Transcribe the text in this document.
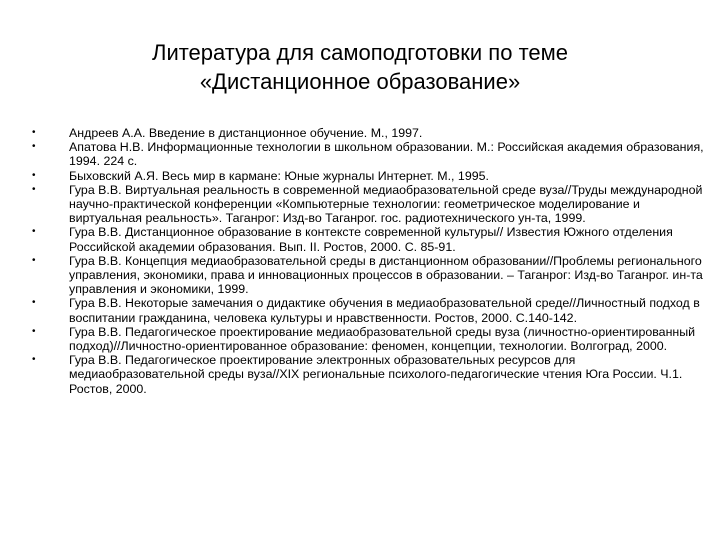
Литература для самоподготовки по теме
«Дистанционное образование»
•	Андреев А.А. Введение в дистанционное обучение. М., 1997.
•	Апатова Н.В. Информационные технологии в школьном образовании. М.: Российская академия образования, 1994. 224 с.
•	Быховский А.Я. Весь мир в кармане: Юные журналы Интернет. М., 1995.
•	Гура В.В. Виртуальная реальность в современной медиаобразовательной среде вуза//Труды международной научно-практической конференции «Компьютерные технологии: геометрическое моделирование и виртуальная реальность». Таганрог: Изд-во Таганрог. гос. радиотехнического ун-та, 1999.
•	Гура В.В. Дистанционное образование в контексте современной культуры// Известия Южного отделения Российской академии образования. Вып. II. Ростов, 2000. С. 85-91.
•	Гура В.В. Концепция медиаобразовательной среды в дистанционном образовании//Проблемы регионального управления, экономики, права и инновационных процессов в образовании. – Таганрог: Изд-во Таганрог. ин-та управления и экономики, 1999.
•	Гура В.В. Некоторые замечания о дидактике обучения в медиаобразовательной среде//Личностный подход в воспитании гражданина, человека культуры и нравственности. Ростов, 2000. С.140-142.
•	Гура В.В. Педагогическое проектирование медиаобразовательной среды вуза (личностно-ориентированный подход)//Личностно-ориентированное образование: феномен, концепции, технологии. Волгоград, 2000.
•	Гура В.В. Педагогическое проектирование электронных образовательных ресурсов для медиаобразовательной среды вуза//XIX региональные психолого-педагогические чтения Юга России. Ч.1. Ростов, 2000.
